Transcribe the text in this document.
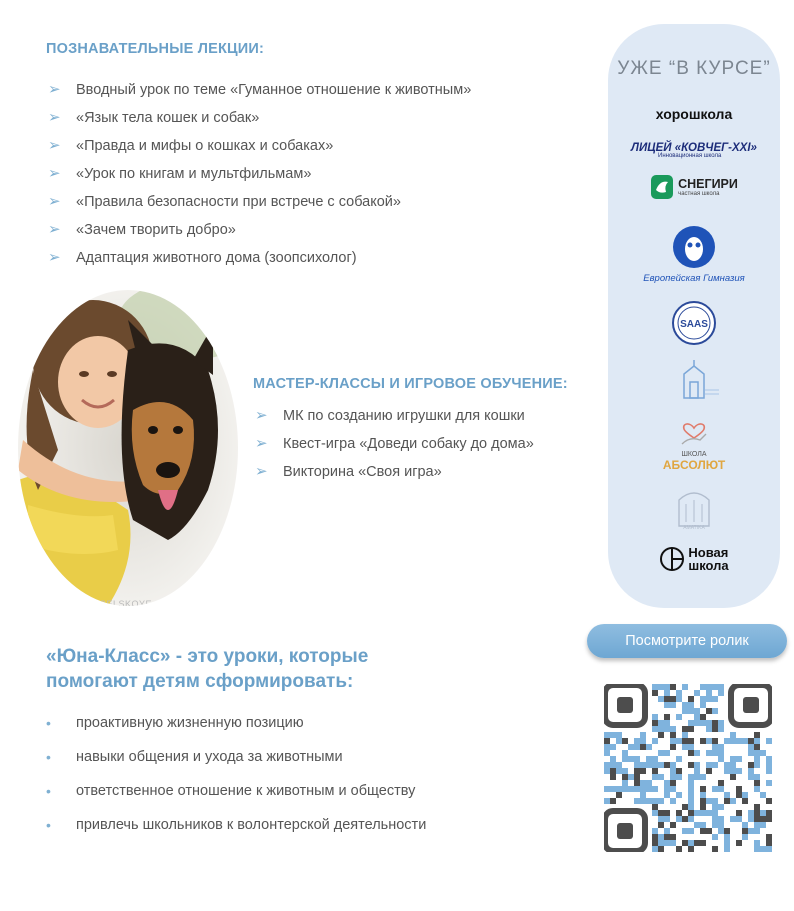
ПОЗНАВАТЕЛЬНЫЕ ЛЕКЦИИ:
➢ Вводный урок по теме «Гуманное отношение к животным»
➢ «Язык тела кошек и собак»
➢ «Правда и мифы о кошках и собаках»
➢ «Урок по книгам и мультфильмам»
➢ «Правила безопасности при встрече с собакой»
➢ «Зачем творить добро»
➢ Адаптация животного дома (зоопсихолог)
NGELSKOYE
МАСТЕР-КЛАССЫ И ИГРОВОЕ ОБУЧЕНИЕ:
➢ МК по созданию игрушки для кошки
➢ Квест-игра «Доведи собаку до дома»
➢ Викторина «Своя игра»
УЖЕ “В КУРСЕ”
хорошкола
ЛИЦЕЙ «КОВЧЕГ-XXI»
Инновационная школа
СНЕГИРИ
частная школа
Европейская Гимназия
SAAS
ШКОЛА
АБСОЛЮТ
AMATIKA
Новая
школа
Посмотрите ролик
«Юна-Класс» - это уроки, которые
помогают детям сформировать:
• проактивную жизненную позицию
• навыки общения и ухода за животными
• ответственное отношение к животным и обществу
• привлечь школьников к волонтерской деятельности
